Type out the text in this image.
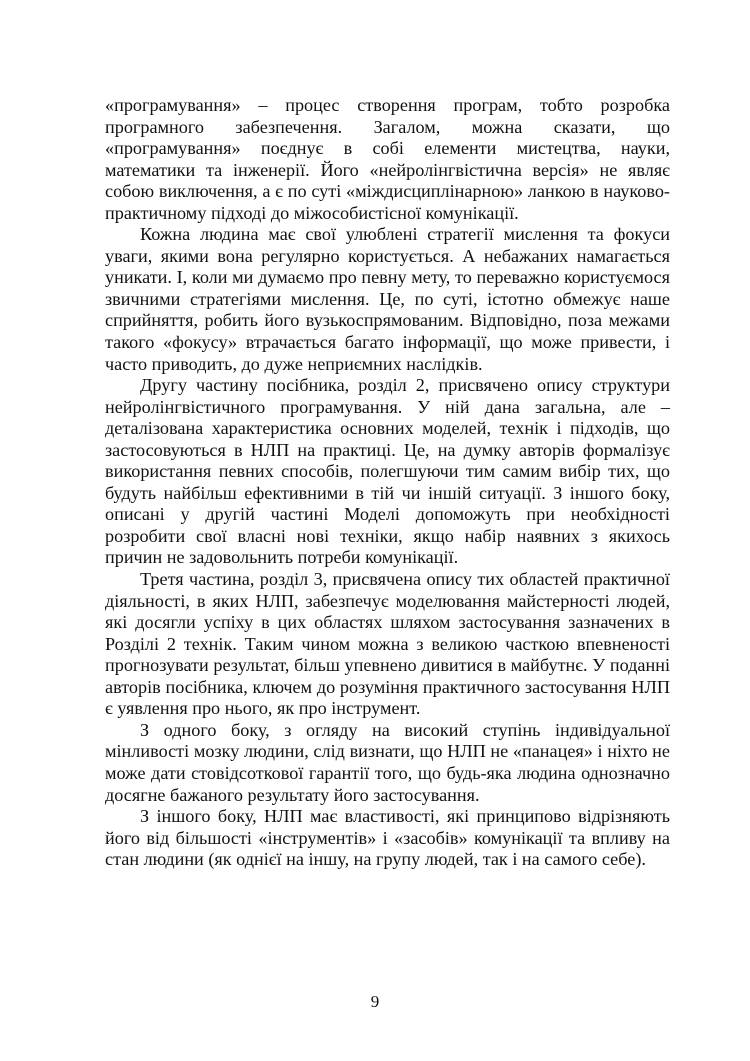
«програмування» – процес створення програм, тобто розробка програмного забезпечення. Загалом, можна сказати, що «програмування» поєднує в собі елементи мистецтва, науки, математики та інженерії. Його «нейролінгвістична версія» не являє собою виключення, а є по суті «міждисциплінарною» ланкою в науково-практичному підході до міжособистісної комунікації.

Кожна людина має свої улюблені стратегії мислення та фокуси уваги, якими вона регулярно користується. А небажаних намагається уникати. І, коли ми думаємо про певну мету, то переважно користуємося звичними стратегіями мислення. Це, по суті, істотно обмежує наше сприйняття, робить його вузькоспрямованим. Відповідно, поза межами такого «фокусу» втрачається багато інформації, що може привести, і часто приводить, до дуже неприємних наслідків.

Другу частину посібника, розділ 2, присвячено опису структури нейролінгвістичного програмування. У ній дана загальна, але – деталізована характеристика основних моделей, технік і підходів, що застосовуються в НЛП на практиці. Це, на думку авторів формалізує використання певних способів, полегшуючи тим самим вибір тих, що будуть найбільш ефективними в тій чи іншій ситуації. З іншого боку, описані у другій частині Моделі допоможуть при необхідності розробити свої власні нові техніки, якщо набір наявних з якихось причин не задовольнить потреби комунікації.

Третя частина, розділ 3, присвячена опису тих областей практичної діяльності, в яких НЛП, забезпечує моделювання майстерності людей, які досягли успіху в цих областях шляхом застосування зазначених в Розділі 2 технік. Таким чином можна з великою часткою впевненості прогнозувати результат, більш упевнено дивитися в майбутнє. У поданні авторів посібника, ключем до розуміння практичного застосування НЛП є уявлення про нього, як про інструмент.

З одного боку, з огляду на високий ступінь індивідуальної мінливості мозку людини, слід визнати, що НЛП не «панацея» і ніхто не може дати стовідсоткової гарантії того, що будь-яка людина однозначно досягне бажаного результату його застосування.

З іншого боку, НЛП має властивості, які принципово відрізняють його від більшості «інструментів» і «засобів» комунікації та впливу на стан людини (як однієї на іншу, на групу людей, так і на самого себе).

9
